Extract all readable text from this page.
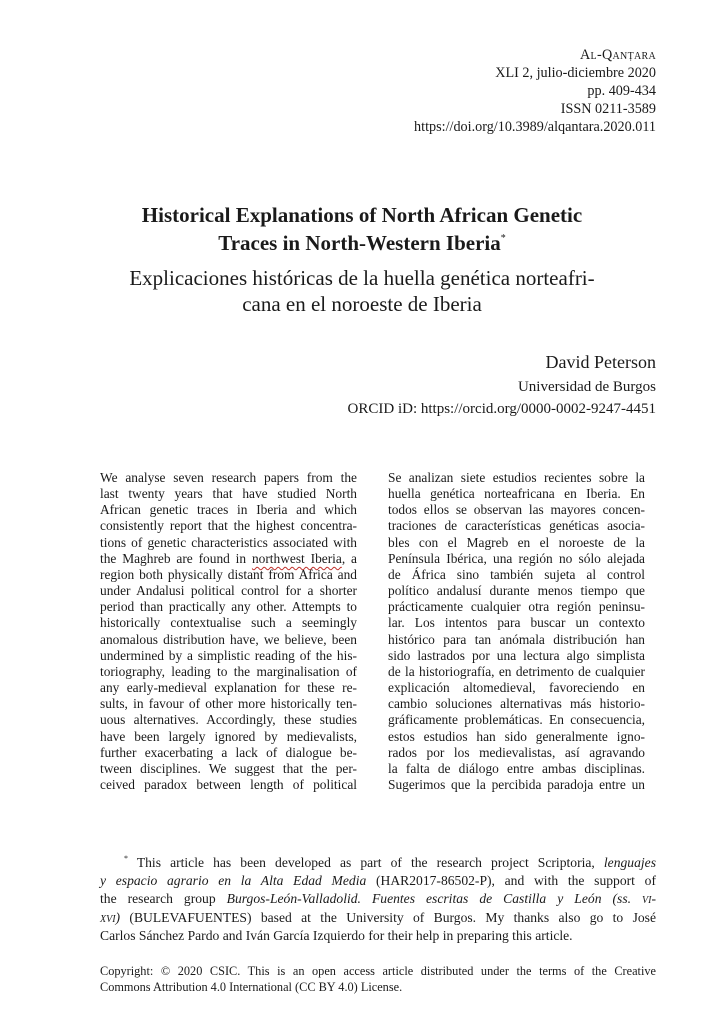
Al-Qanṭara
XLI 2, julio-diciembre 2020
pp. 409-434
ISSN 0211-3589
https://doi.org/10.3989/alqantara.2020.011
Historical Explanations of North African Genetic
Traces in North-Western Iberia*
Explicaciones históricas de la huella genética norteafri-
cana en el noroeste de Iberia
David Peterson
Universidad de Burgos
ORCID iD: https://orcid.org/0000-0002-9247-4451
We analyse seven research papers from the
last twenty years that have studied North
African genetic traces in Iberia and which
consistently report that the highest concentra-
tions of genetic characteristics associated with
the Maghreb are found in northwest Iberia, a
region both physically distant from Africa and
under Andalusi political control for a shorter
period than practically any other. Attempts to
historically contextualise such a seemingly
anomalous distribution have, we believe, been
undermined by a simplistic reading of the his-
toriography, leading to the marginalisation of
any early-medieval explanation for these re-
sults, in favour of other more historically ten-
uous alternatives. Accordingly, these studies
have been largely ignored by medievalists,
further exacerbating a lack of dialogue be-
tween disciplines. We suggest that the per-
ceived paradox between length of political
Se analizan siete estudios recientes sobre la
huella genética norteafricana en Iberia. En
todos ellos se observan las mayores concen-
traciones de características genéticas asocia-
bles con el Magreb en el noroeste de la
Península Ibérica, una región no sólo alejada
de África sino también sujeta al control
político andalusí durante menos tiempo que
prácticamente cualquier otra región peninsu-
lar. Los intentos para buscar un contexto
histórico para tan anómala distribución han
sido lastrados por una lectura algo simplista
de la historiografía, en detrimento de cualquier
explicación altomedieval, favoreciendo en
cambio soluciones alternativas más historio-
gráficamente problemáticas. En consecuencia,
estos estudios han sido generalmente igno-
rados por los medievalistas, así agravando
la falta de diálogo entre ambas disciplinas.
Sugerimos que la percibida paradoja entre un
* This article has been developed as part of the research project Scriptoria, lenguajes
y espacio agrario en la Alta Edad Media (HAR2017-86502-P), and with the support of
the research group Burgos-León-Valladolid. Fuentes escritas de Castilla y León (ss. vi-
xvi) (BULEVAFUENTES) based at the University of Burgos. My thanks also go to José
Carlos Sánchez Pardo and Iván García Izquierdo for their help in preparing this article.
Copyright: © 2020 CSIC. This is an open access article distributed under the terms of the Creative
Commons Attribution 4.0 International (CC BY 4.0) License.
